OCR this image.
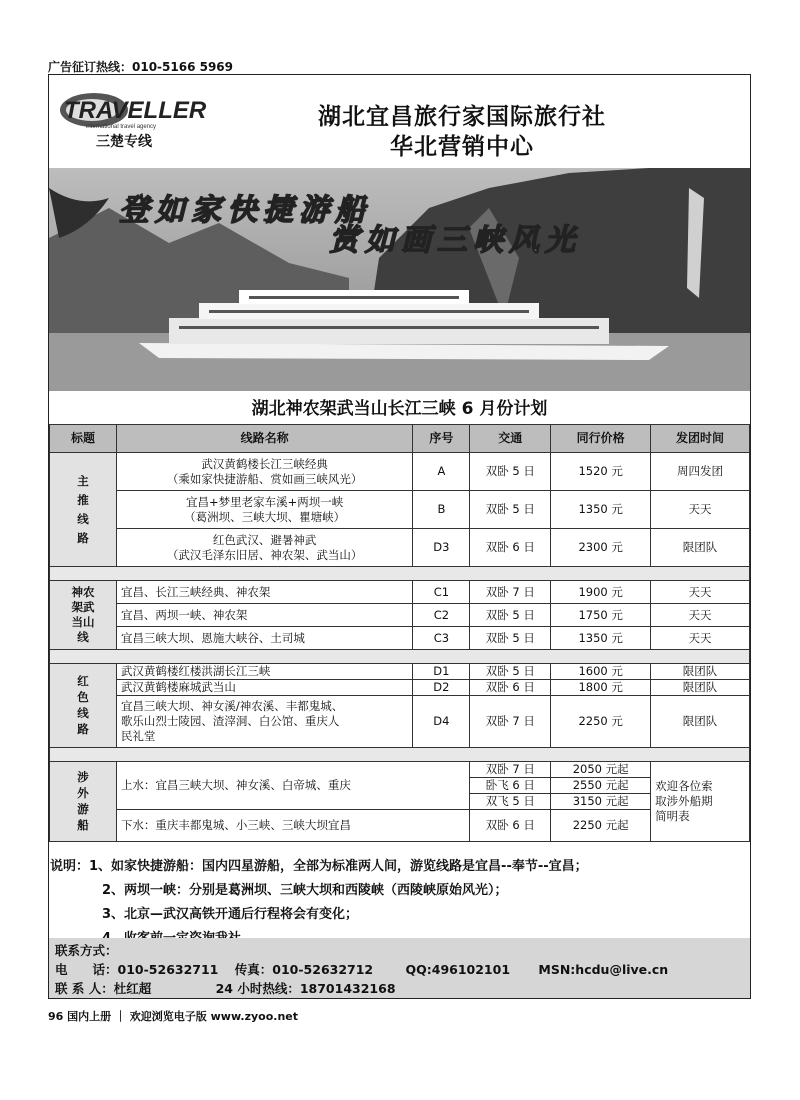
广告征订热线：010-5166 5969
TRAVELLER
international travel agency
三楚专线
湖北宜昌旅行家国际旅行社
华北营销中心
登如家快捷游船
赏如画三峡风光
湖北神农架武当山长江三峡 6 月份计划
标题	线路名称	序号	交通	同行价格	发团时间
主推线路	武汉黄鹤楼长江三峡经典
（乘如家快捷游船、赏如画三峡风光）	A	双卧 5 日	1520 元	周四发团

	宜昌+梦里老家车溪+两坝一峡
（葛洲坝、三峡大坝、瞿塘峡）	B	双卧 5 日	1350 元	天天

	红色武汉、避暑神武
（武汉毛泽东旧居、神农架、武当山）	D3	双卧 6 日	2300 元	限团队

神农架武当山线	宜昌、长江三峡经典、神农架	C1	双卧 7 日	1900 元	天天
	宜昌、两坝一峡、神农架	C2	双卧 5 日	1750 元	天天
	宜昌三峡大坝、恩施大峡谷、土司城	C3	双卧 5 日	1350 元	天天

红色线路	武汉黄鹤楼红楼洪湖长江三峡	D1	双卧 5 日	1600 元	限团队
	武汉黄鹤楼麻城武当山	D2	双卧 6 日	1800 元	限团队

	宜昌三峡大坝、神女溪/神农溪、丰都鬼城、
歌乐山烈士陵园、渣滓洞、白公馆、重庆人
民礼堂	D4	双卧 7 日	2250 元	限团队

涉外游船	上水：宜昌三峡大坝、神女溪、白帝城、重庆		双卧 7 日	2050 元起	欢迎各位索
取涉外船期
简明表

			卧飞 6 日	2550 元起	
			双飞 5 日	3150 元起	
	下水：重庆丰都鬼城、小三峡、三峡大坝宜昌		双卧 6 日	2250 元起	
说明：1、如家快捷游船：国内四星游船，全部为标准两人间，游览线路是宜昌--奉节--宜昌；
2、两坝一峡：分别是葛洲坝、三峡大坝和西陵峡（西陵峡原始风光）；
3、北京—武汉高铁开通后行程将会有变化；
联系方式：
电　　话：010-52632711 传真：010-52632712	QQ:496102101 MSN:hcdu@live.cn
联 系 人：杜红超	24 小时热线：18701432168
96 国内上册 ｜ 欢迎浏览电子版 www.zyoo.net
